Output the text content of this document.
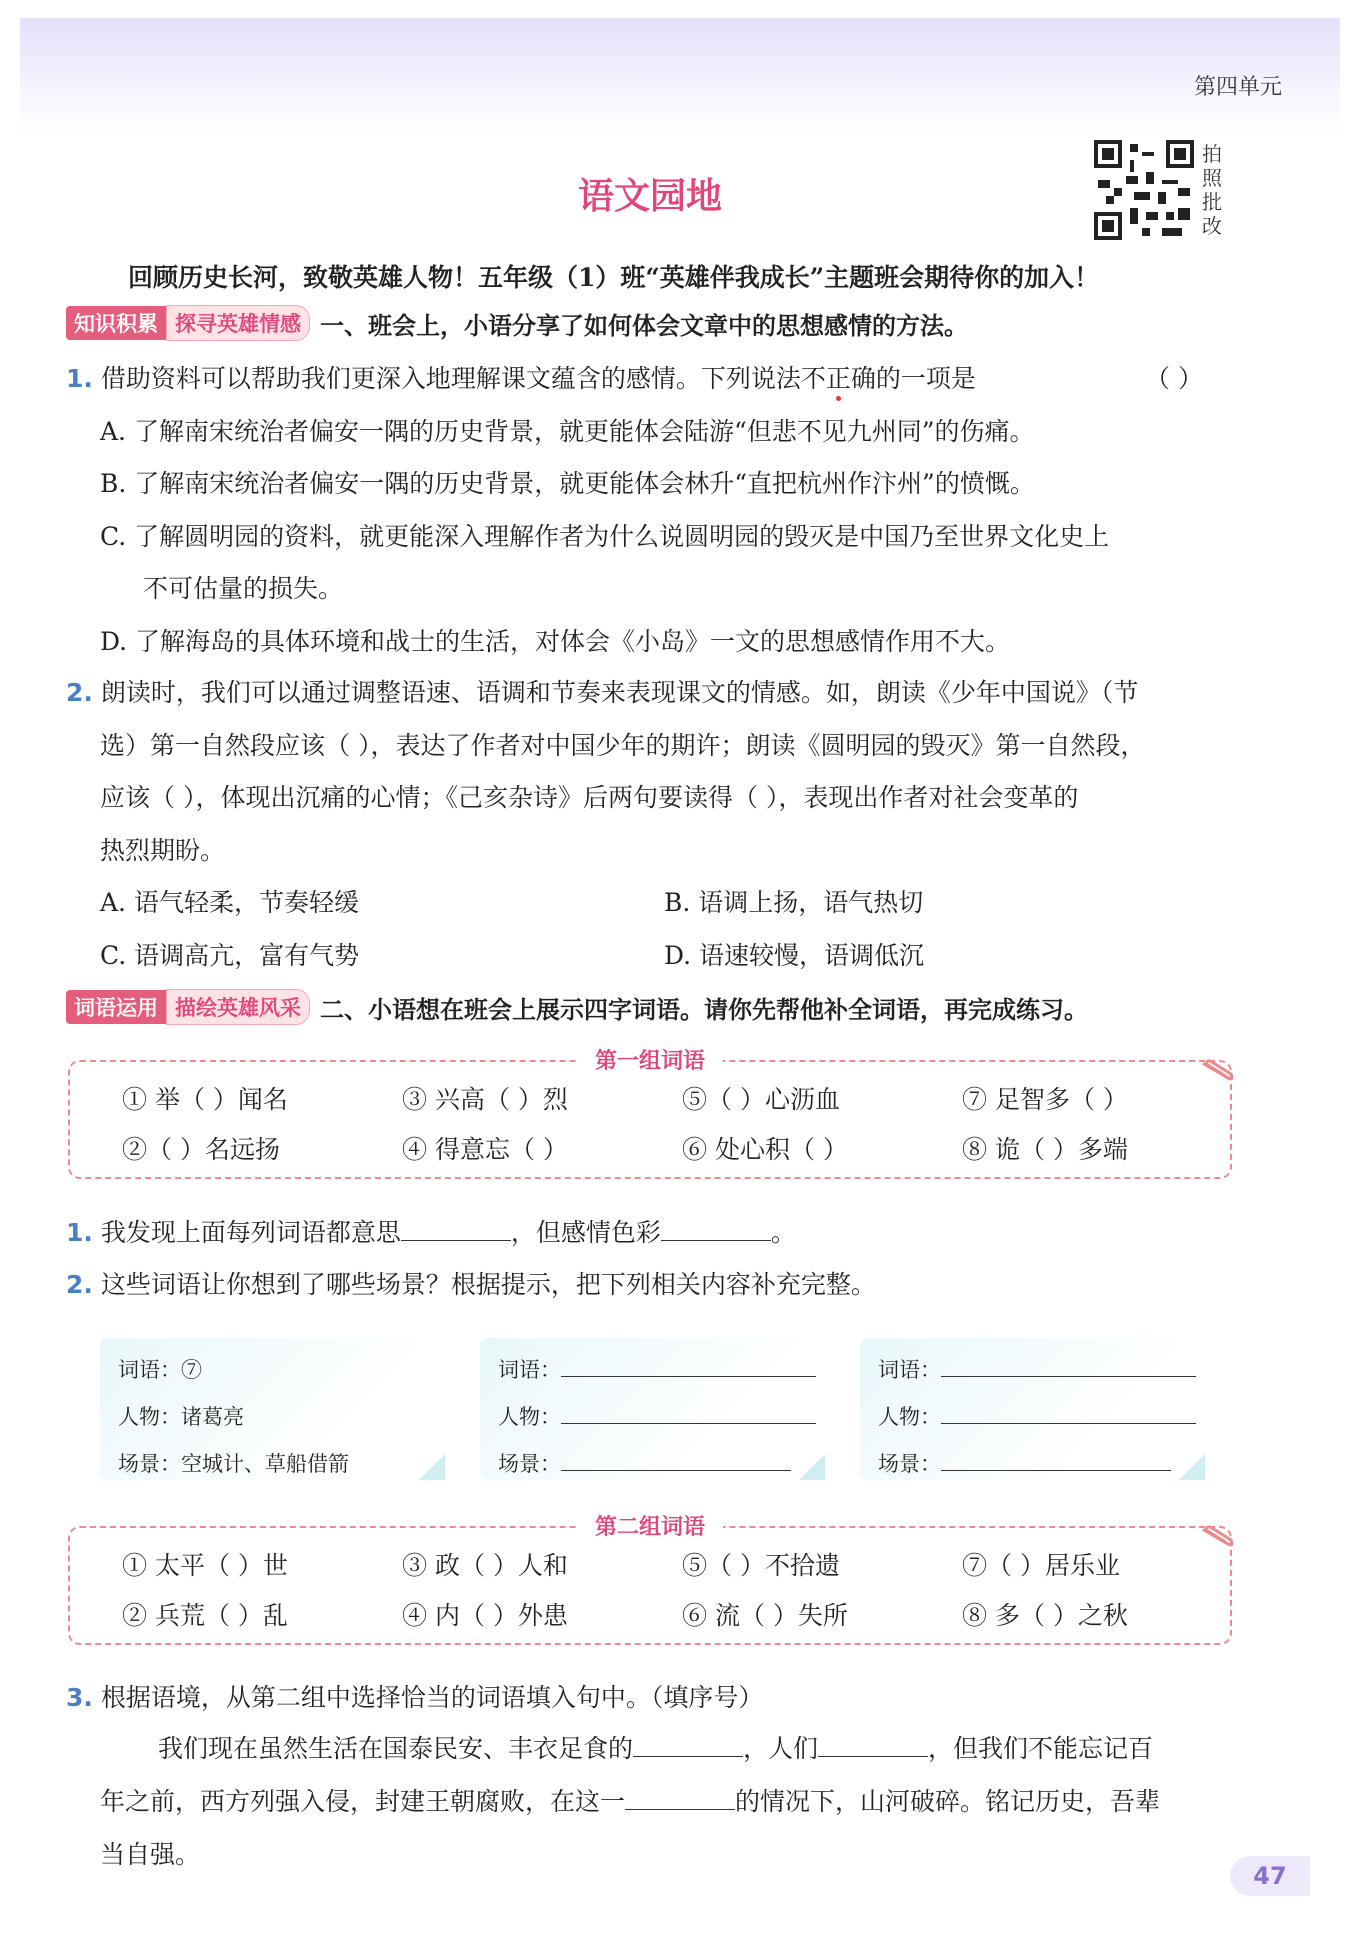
第四单元
语文园地
拍
照
批
改
回顾历史长河，致敬英雄人物！五年级（1）班“英雄伴我成长”主题班会期待你的加入！
知识积累 探寻英雄情感 一、班会上，小语分享了如何体会文章中的思想感情的方法。
1. 借助资料可以帮助我们更深入地理解课文蕴含的感情。下列说法不正确的一项是	（ ）
A. 了解南宋统治者偏安一隅的历史背景，就更能体会陆游“但悲不见九州同”的伤痛。
B. 了解南宋统治者偏安一隅的历史背景，就更能体会林升“直把杭州作汴州”的愤慨。
C. 了解圆明园的资料，就更能深入理解作者为什么说圆明园的毁灭是中国乃至世界文化史上
不可估量的损失。
D. 了解海岛的具体环境和战士的生活，对体会《小岛》一文的思想感情作用不大。
2. 朗读时，我们可以通过调整语速、语调和节奏来表现课文的情感。如，朗读《少年中国说》（节
选）第一自然段应该（ ），表达了作者对中国少年的期许；朗读《圆明园的毁灭》第一自然段，
应该（ ），体现出沉痛的心情；《己亥杂诗》后两句要读得（ ），表现出作者对社会变革的
热烈期盼。
A. 语气轻柔，节奏轻缓	B. 语调上扬，语气热切
C. 语调高亢，富有气势	D. 语速较慢，语调低沉
词语运用 描绘英雄风采 二、小语想在班会上展示四字词语。请你先帮他补全词语，再完成练习。
第一组词语
① 举（ ）闻名	③ 兴高（ ）烈	⑤（ ）心沥血	⑦ 足智多（ ）
②（ ）名远扬	④ 得意忘（ ）	⑥ 处心积（ ）	⑧ 诡（ ）多端
1. 我发现上面每列词语都意思	，但感情色彩	。
2. 这些词语让你想到了哪些场景？根据提示，把下列相关内容补充完整。
词语：⑦
人物：诸葛亮
场景：空城计、草船借箭
词语：
人物：
场景：
词语：
人物：
场景：
第二组词语
① 太平（ ）世	③ 政（ ）人和	⑤（ ）不拾遗	⑦（ ）居乐业
② 兵荒（ ）乱	④ 内（ ）外患	⑥ 流（ ）失所	⑧ 多（ ）之秋
3. 根据语境，从第二组中选择恰当的词语填入句中。（填序号）
我们现在虽然生活在国泰民安、丰衣足食的	，人们	，但我们不能忘记百
年之前，西方列强入侵，封建王朝腐败，在这一	的情况下，山河破碎。铭记历史，吾辈
当自强。
47
